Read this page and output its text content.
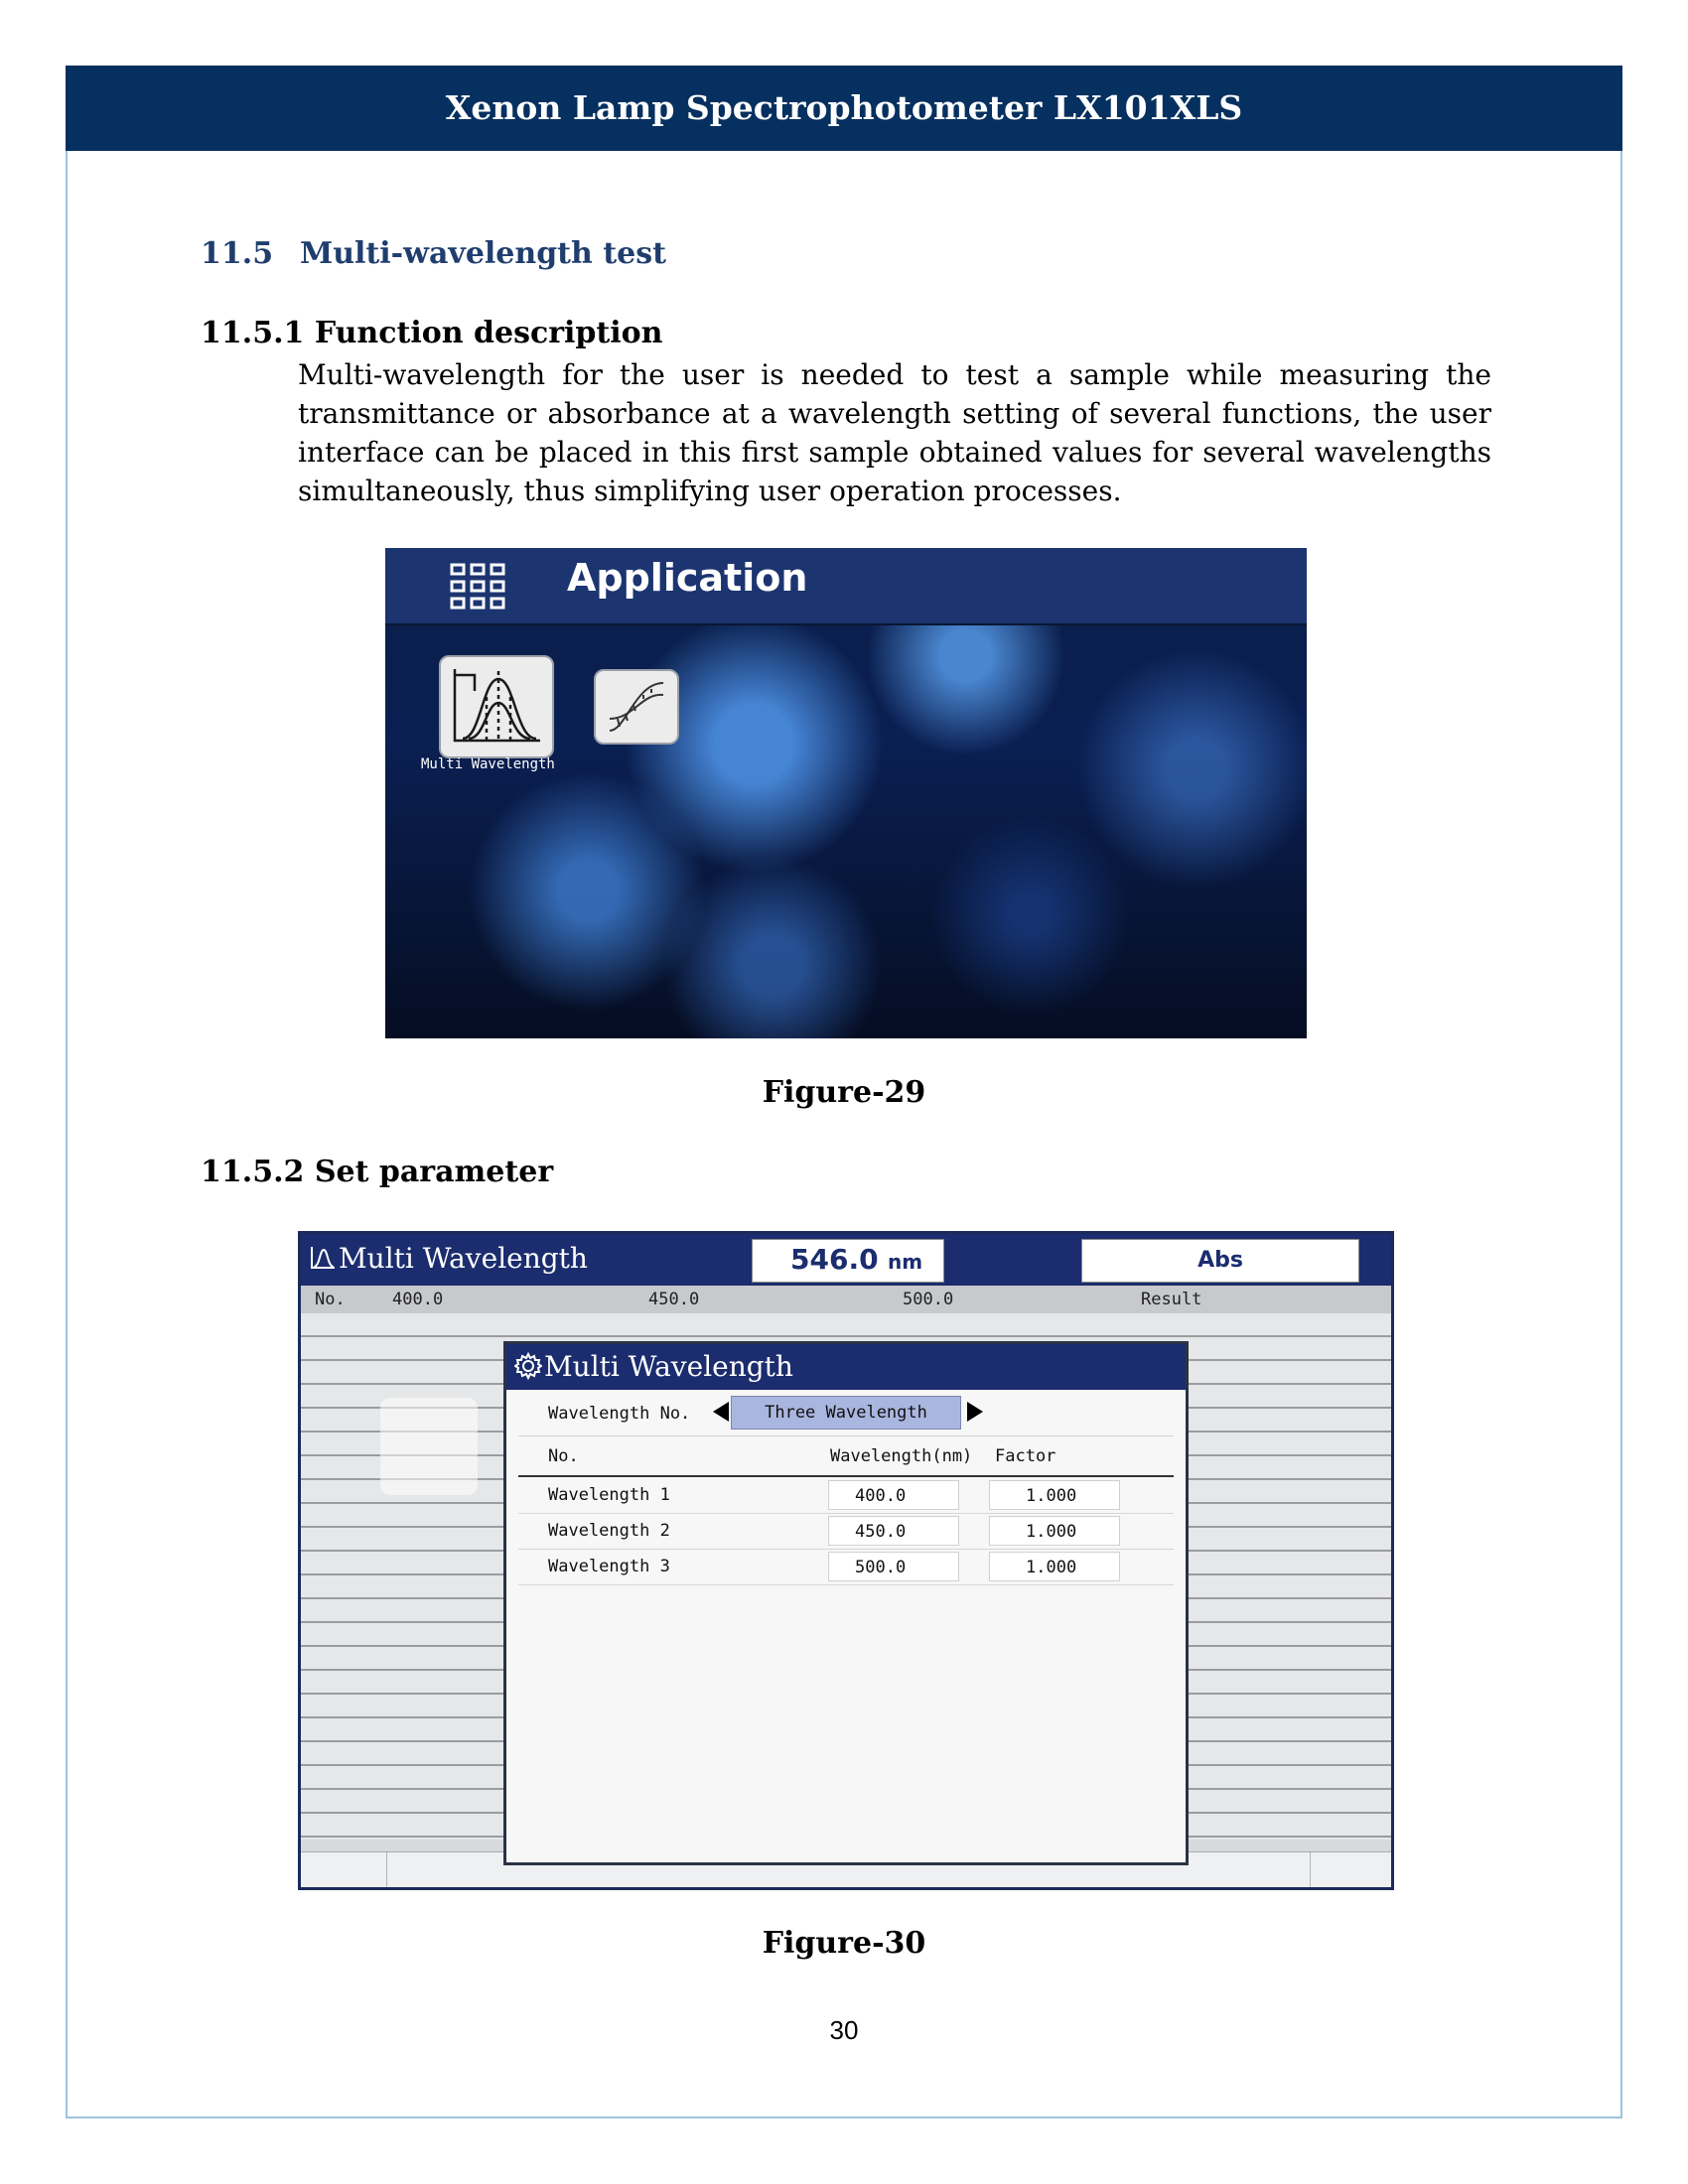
Xenon Lamp Spectrophotometer LX101XLS
11.5 Multi-wavelength test
11.5.1 Function description
Multi-wavelength for the user is needed to test a sample while measuring the transmittance or absorbance at a wavelength setting of several functions, the user interface can be placed in this first sample obtained values for several wavelengths simultaneously, thus simplifying user operation processes.
Application
Multi Wavelength
Figure-29
11.5.2 Set parameter
Multi Wavelength	546.0 nm	Abs
No.	400.0	450.0	500.0	Result
Multi Wavelength
Wavelength No.	Three Wavelength
No.	Wavelength(nm) Factor
Wavelength 1	400.0	1.000
Wavelength 2	450.0	1.000
Wavelength 3	500.0	1.000
Figure-30
30
